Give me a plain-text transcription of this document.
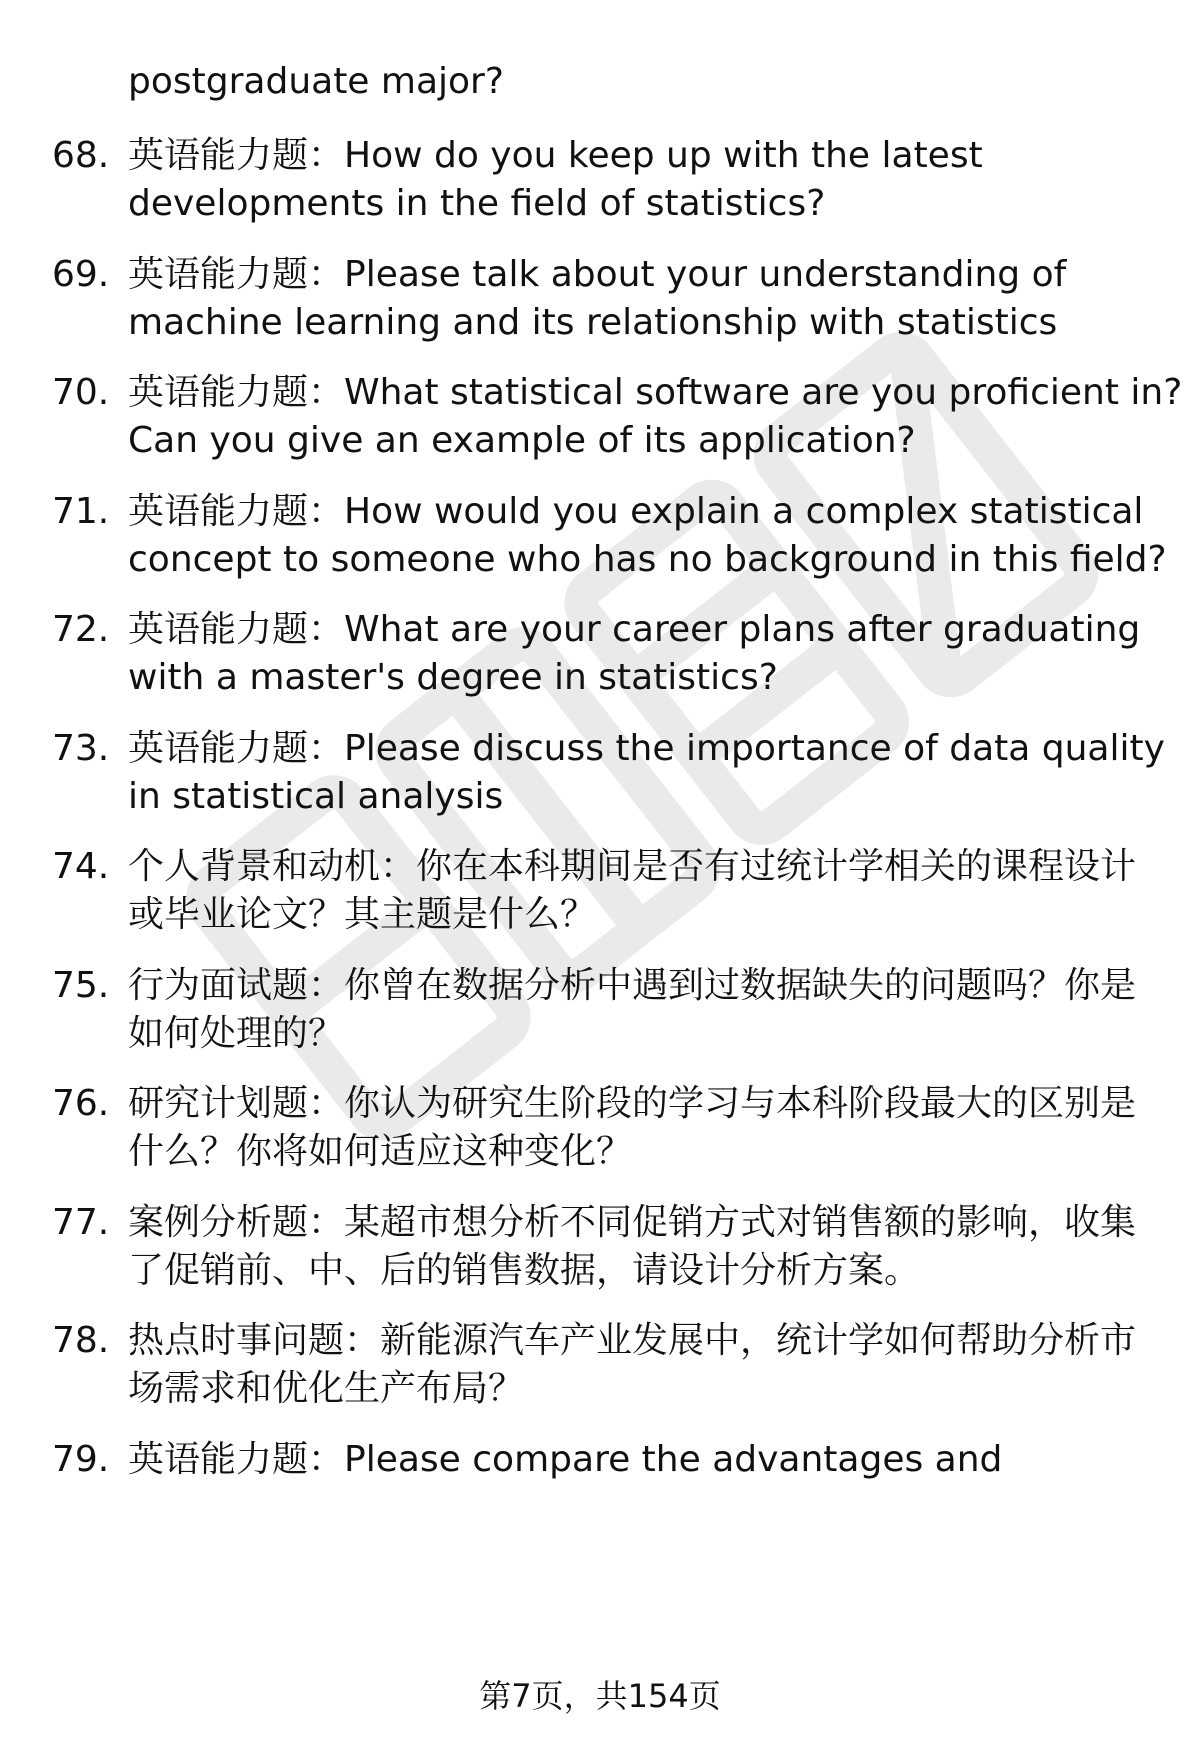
postgraduate major?
68. 英语能力题：How do you keep up with the latest
developments in the field of statistics?
69. 英语能力题：Please talk about your understanding of
machine learning and its relationship with statistics
70. 英语能力题：What statistical software are you proficient in?
Can you give an example of its application?
71. 英语能力题：How would you explain a complex statistical
concept to someone who has no background in this field?
72. 英语能力题：What are your career plans after graduating
with a master's degree in statistics?
73. 英语能力题：Please discuss the importance of data quality
in statistical analysis
74. 个人背景和动机：你在本科期间是否有过统计学相关的课程设计
或毕业论文？其主题是什么？
75. 行为面试题：你曾在数据分析中遇到过数据缺失的问题吗？你是
如何处理的？
76. 研究计划题：你认为研究生阶段的学习与本科阶段最大的区别是
什么？你将如何适应这种变化？
77. 案例分析题：某超市想分析不同促销方式对销售额的影响，收集
了促销前、中、后的销售数据，请设计分析方案。
78. 热点时事问题：新能源汽车产业发展中，统计学如何帮助分析市
场需求和优化生产布局？
79. 英语能力题：Please compare the advantages and
第7页，共154页
